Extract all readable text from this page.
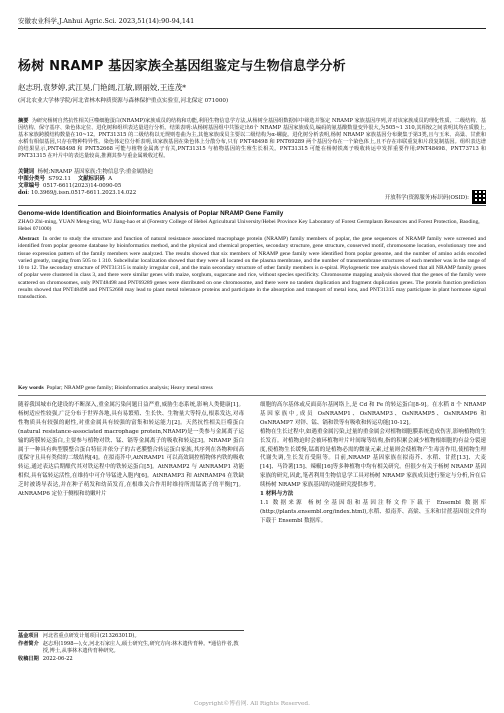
安徽农业科学,J.Anhui Agric.Sci. 2023,51(14):90-94,141
杨树 NRAMP 基因家族全基因组鉴定与生物信息学分析
赵志玥,袁梦婷,武江昊,门艳阔,江敏,顾丽姣,王连茂*
(河北农业大学林学院/河北省林木种质资源与森林保护重点实验室,河北保定 071000)
摘要 为研究杨树自然抗性相关巨噬细胞蛋白(NRAMP)家族成员的结构和功能,利用生物信息学方法,从杨树全基因组数据库中筛选并鉴定 NRAMP 家族基因序列,并对该家族成员的理化性质、二级结构、基因结构、保守基序、染色体定位、进化树和组织表达量进行分析。结果表明:从杨树基因组中共鉴定出6个 NRAMP 基因家族成员,编码的氨基酸数量变异很大,为505~1 310,其相较之间表明其均在质膜上,基本家族跨膜结构数量在10~12。PNT31315 的二级结构以无规则卷曲为主,其他家族成员主要以二级结构为α-螺旋。进化树分析表明,杨树 NRAMP 家族基因分布聚集于第3类,且与玉米、高粱、甘蔗和水稻有相似基因,只存在物种特异性。染色体定位分析表明,该家族基因在染色体上分散分布,只有 PNT48498 和 PNT69289 两个基因分布在一个染色体上,且不存在串联重复和片段复制基因。组织表达谱的结果显示,PNT48498 和 PNT52668 可能与植物金属离子有关,PNT31315 与植物基因的生殖生长相关。PNT31315 可能在杨树铁离子吸收转运中发挥重要作用;PNT48498、PNT73713 和 PNT31315 在叶片中的表达量较高,推测其参与重金属吸收过程。
关键词 杨树;NRAMP 基因家族;生物信息学;重金属胁迫
中图分类号 S792.11 文献标识码 A
文章编号 0517-6611(2023)14-0090-05
doi: 10.3969/j.issn.0517-6611.2023.14.022
开放科学(资源服务)标识码(OSID):
Genome-wide Identification and Bioinformatics Analysis of Poplar NRAMP Gene Family
ZHAO Zhi-ming, YUAN Meng-ting, WU Jiang-hao et al (Forestry College of Hebei Agricultural University/Hebei Province Key Laboratory of Forest Germplasm Resources and Forest Protection, Baoding, Hebei 071000)
Abstract In order to study the structure and function of natural resistance associated macrophage protein (NRAMP) family members of poplar, the gene sequences of NRAMP family were screened and identified from poplar genome database by bioinformatics method, and the physical and chemical properties, secondary structure, gene structure, conserved motif, chromosome location, evolutionary tree and tissue expression pattern of the family members were analyzed. The results showed that six members of NRAMP gene family were identified from poplar genome, and the number of amino acids encoded varied greatly, ranging from 505 to 1 310. Subcellular localization showed that they were all located on the plasma membrane, and the number of transmembrane structures of each member was in the range of 10 to 12. The secondary structure of PNT31315 is mainly irregular coil, and the main secondary structure of other family members is α-spiral. Phylogenetic tree analysis showed that all NRAMP family genes of poplar were clustered in class 3, and there were similar genes with maize, sorghum, sugarcane and rice, without species specificity. Chromosome mapping analysis showed that the genes of the family were scattered on chromosomes, only PNT48498 and PNT69289 genes were distributed on one chromosome, and there were no tandem duplication and fragment duplication genes. The protein function prediction results showed that PNT48498 and PNT52668 may lead to plant metal tolerance proteins and participate in the absorption and transport of metal ions, and PNT31315 may participate in plant hormone signal transduction.
Key words Poplar; NRAMP gene family; Bioinformatics analysis; Heavy metal stress
随着我国城市化建设的不断深入,重金属污染问题日益严重,威胁生态系统,影响人类健康[1]。杨树适应性较强,广泛分布于世界各地,具有易繁殖、生长快、生物量大等特点,根系发达,对毒性物质具有较强的耐性,对重金属具有较强的富集和转运能力[2]。天然抗性相关巨噬蛋白(natural resistance-associated macrophage protein,NRAMP)是一类参与金属离子运输的跨膜转运蛋白,主要参与植物对铁、锰、镉等金属离子的吸收和转运[3]。NRAMP 蛋白属于一种具有典型膜整合蛋白特征并依分子的古老膜整合转运蛋白家族,其序列在各物种间高度保守且具有类似的二级结构[4]。在拟南芥中,AtNRAMP1 可以高效调控植物体内铁的吸收转运,通过表达后期酿代其对铁运程中的铁转运蛋白[5]。AtNRAMP2 与 AtNRAMP1 功能相似,具有锰转运活性,在维持中可介导锰进入胞内[6]。AtNRAMP3 和 AtNRAMP4 在铁缺乏时被诱导表达,并在种子萌发和幼苗发育,在根维关合作用时维持所需锰离子的平衡[7]。AtNRAMP6 定位于侧根和幼嫩叶片
细胞的高尔基体或反面高尔基网络上,是 Cd 和 Fe 的转运蛋白[8-9]。在水稻 8 个 NRAMP 基因家族中,成员 OsNRAMP1、OsNRAMP3、OsNRAMP5、OsNRAMP6 和 OsNRAMP7 对锌、锰、镉和铁等有吸收和转运功能[10-12]。
植物在生长过程中,如遇重金属污染,过量的重金属会对植物细胞膜系统造成伤害,影响植物的生长发育。对植物迫时会被环植物叶片叶间缘等结构,指的积累会减少植物根细胞的有益分裂速度,使植物生长缓慢,锰离的是植物必需的微量元素,过量则会使植物产生毒害作用,使植物生理代谢失调,生长发育受阻等。目前,NRAMP 基因家族在拟南芥、水稻、甘蔗[13]、大麦[14]、马铃薯[15]、辣椒[16]等多种植物中均有相关研究。但很少有关于杨树 NRAMP 基因家族的研究,因此,笔者利用生物信息学工具对杨树 NRAMP 家族成员进行鉴定与分析,旨在后续杨树 NRAMP 家族基因的功能研究提供参考。
1 材料与方法
1.1 数据来源 杨树全基因组和基因注释文件下载于 Ensembl 数据库(http://plants.ensembl.org/index.html),水稻、拟南芥、高粱、玉米和甘蔗基因组文件均下载于 Ensembl 数据库。
基金项目 河北省重点研发计划项目(21326301D)。
作者简介 赵志玥(1998—),女,河北石家庄人,硕士研究生,研究方向:林木遗传育种。*通信作者,教授,博士,从事林木遗传育种研究。
收稿日期 2022-06-22
Copyright©博看网. All Rights Reserved.
